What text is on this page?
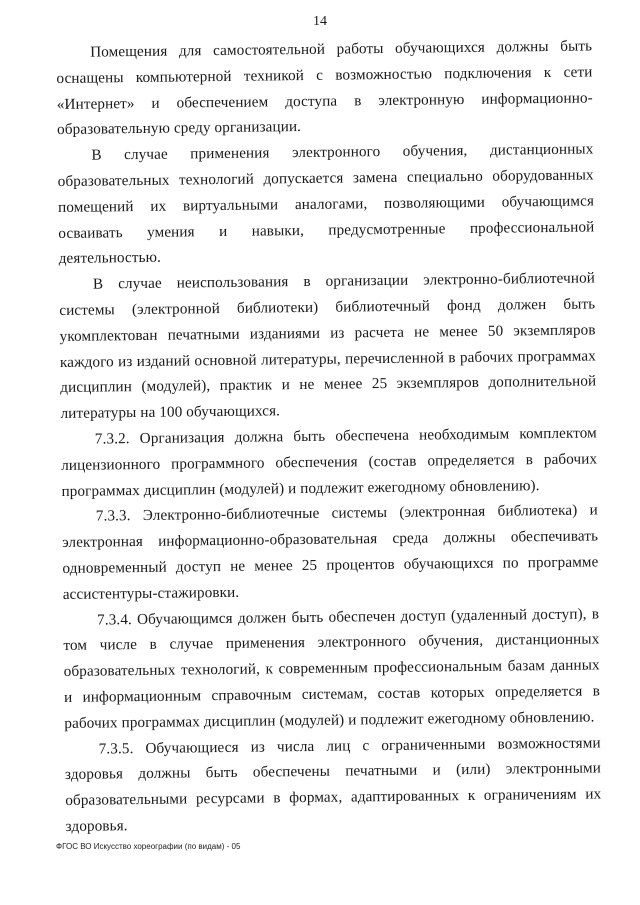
14

Помещения для самостоятельной работы обучающихся должны быть оснащены компьютерной техникой с возможностью подключения к сети «Интернет» и обеспечением доступа в электронную информационно-образовательную среду организации.

В случае применения электронного обучения, дистанционных образовательных технологий допускается замена специально оборудованных помещений их виртуальными аналогами, позволяющими обучающимся осваивать умения и навыки, предусмотренные профессиональной деятельностью.

В случае неиспользования в организации электронно-библиотечной системы (электронной библиотеки) библиотечный фонд должен быть укомплектован печатными изданиями из расчета не менее 50 экземпляров каждого из изданий основной литературы, перечисленной в рабочих программах дисциплин (модулей), практик и не менее 25 экземпляров дополнительной литературы на 100 обучающихся.

7.3.2. Организация должна быть обеспечена необходимым комплектом лицензионного программного обеспечения (состав определяется в рабочих программах дисциплин (модулей) и подлежит ежегодному обновлению).

7.3.3. Электронно-библиотечные системы (электронная библиотека) и электронная информационно-образовательная среда должны обеспечивать одновременный доступ не менее 25 процентов обучающихся по программе ассистентуры-стажировки.

7.3.4. Обучающимся должен быть обеспечен доступ (удаленный доступ), в том числе в случае применения электронного обучения, дистанционных образовательных технологий, к современным профессиональным базам данных и информационным справочным системам, состав которых определяется в рабочих программах дисциплин (модулей) и подлежит ежегодному обновлению.

7.3.5. Обучающиеся из числа лиц с ограниченными возможностями здоровья должны быть обеспечены печатными и (или) электронными образовательными ресурсами в формах, адаптированных к ограничениям их здоровья.

ФГОС ВО Искусство хореографии (по видам) - 05
